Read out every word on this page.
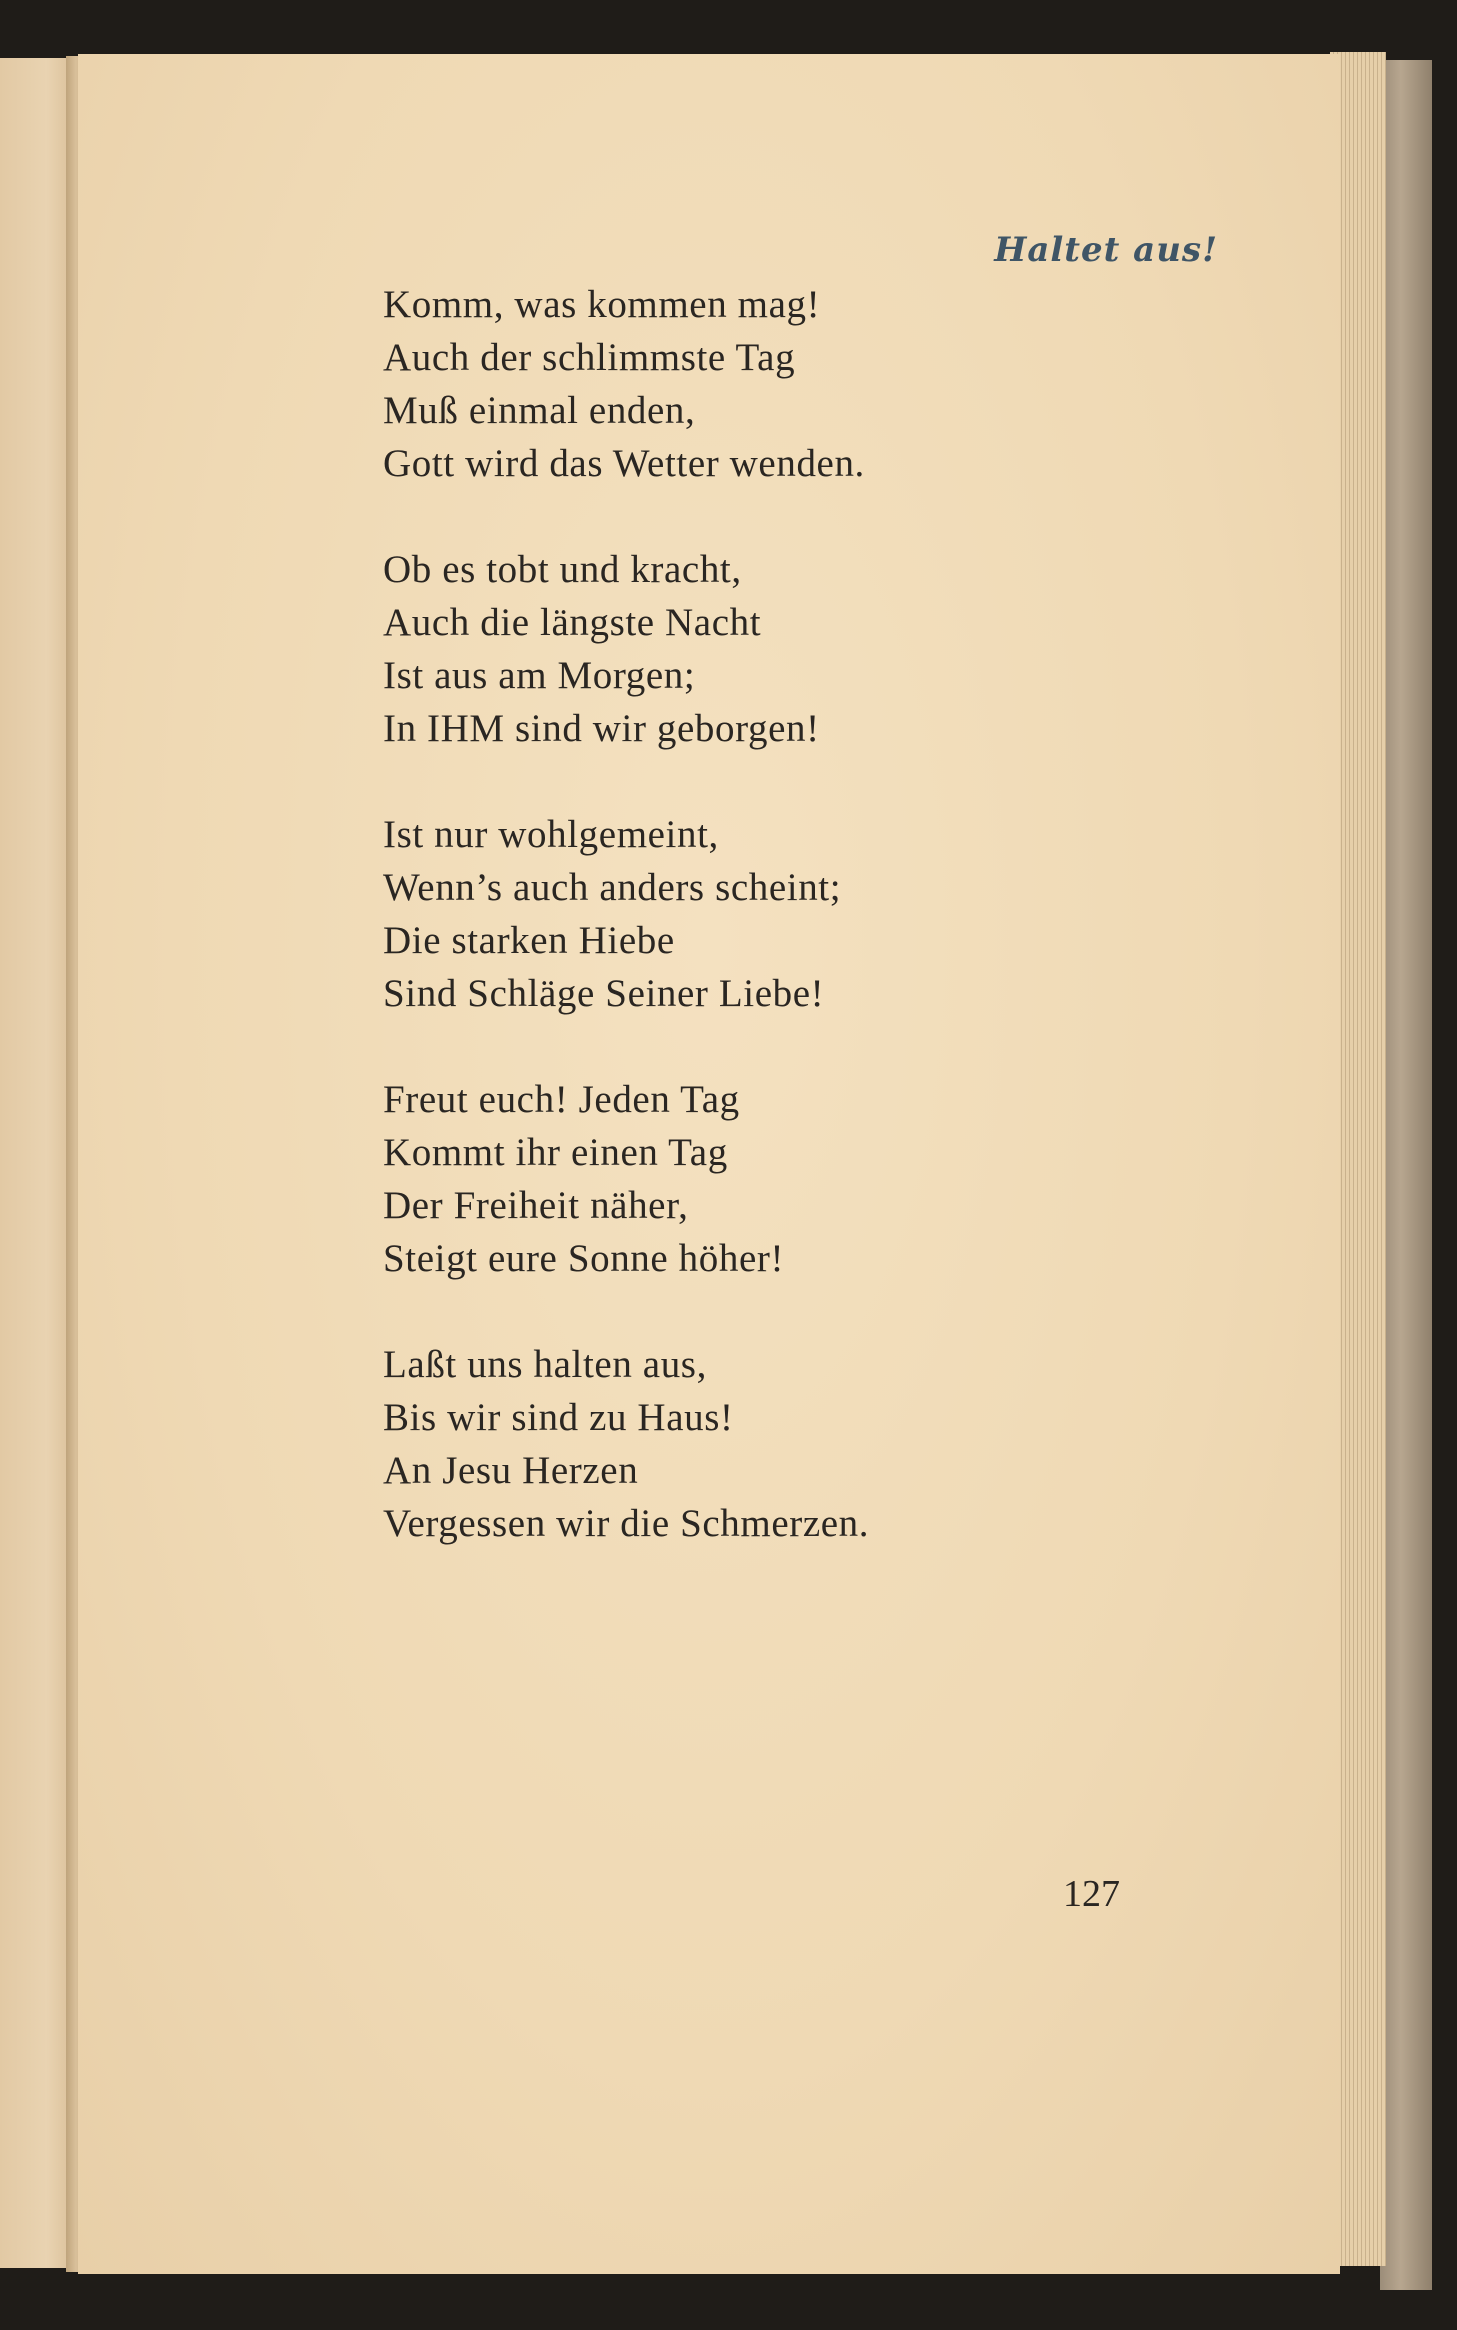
Haltet aus!
Komm, was kommen mag!
Auch der schlimmste Tag
Muß einmal enden,
Gott wird das Wetter wenden.
Ob es tobt und kracht,
Auch die längste Nacht
Ist aus am Morgen;
In IHM sind wir geborgen!
Ist nur wohlgemeint,
Wenn’s auch anders scheint;
Die starken Hiebe
Sind Schläge Seiner Liebe!
Freut euch! Jeden Tag
Kommt ihr einen Tag
Der Freiheit näher,
Steigt eure Sonne höher!
Laßt uns halten aus,
Bis wir sind zu Haus!
An Jesu Herzen
Vergessen wir die Schmerzen.
127
